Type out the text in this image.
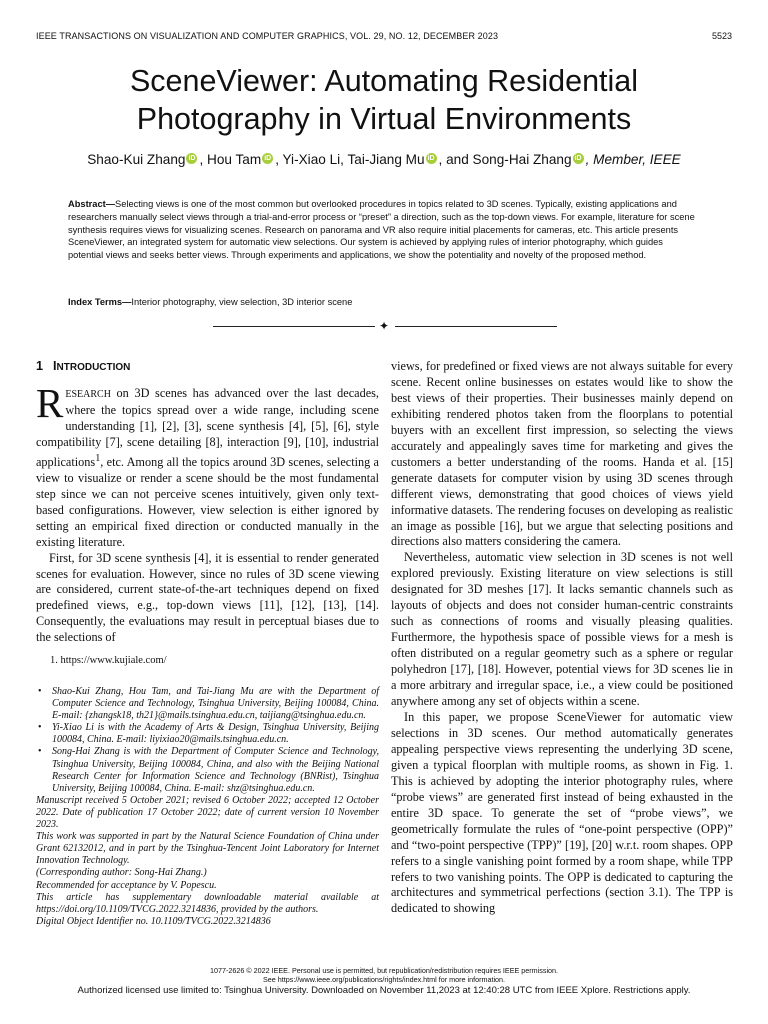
IEEE TRANSACTIONS ON VISUALIZATION AND COMPUTER GRAPHICS, VOL. 29, NO. 12, DECEMBER 2023	5523
SceneViewer: Automating Residential
Photography in Virtual Environments
Shao-Kui Zhang iD , Hou Tam iD , Yi-Xiao Li, Tai-Jiang Mu iD , and Song-Hai Zhang iD , Member, IEEE
Abstract—Selecting views is one of the most common but overlooked procedures in topics related to 3D scenes. Typically, existing applications and researchers manually select views through a trial-and-error process or “preset” a direction, such as the top-down views. For example, literature for scene synthesis requires views for visualizing scenes. Research on panorama and VR also require initial placements for cameras, etc. This article presents SceneViewer, an integrated system for automatic view selections. Our system is achieved by applying rules of interior photography, which guides potential views and seeks better views. Through experiments and applications, we show the potentiality and novelty of the proposed method.
Index Terms—Interior photography, view selection, 3D interior scene
✦
1 INTRODUCTION

RESEARCH on 3D scenes has advanced over the last decades, where the topics spread over a wide range, including scene understanding [1], [2], [3], scene synthesis [4], [5], [6], style compatibility [7], scene detailing [8], interaction [9], [10], industrial applications$^1$, etc. Among all the topics around 3D scenes, selecting a view to visualize or render a scene should be the most fundamental step since we can not perceive scenes intuitively, given only text-based configurations. However, view selection is either ignored by setting an empirical fixed direction or conducted manually in the existing literature.

First, for 3D scene synthesis [4], it is essential to render generated scenes for evaluation. However, since no rules of 3D scene viewing are considered, current state-of-the-art techniques depend on fixed predefined views, e.g., top-down views [11], [12], [13], [14]. Consequently, the evaluations may result in perceptual biases due to the selections of

1. https://www.kujiale.com/
• Shao-Kui Zhang, Hou Tam, and Tai-Jiang Mu are with the Department of Computer Science and Technology, Tsinghua University, Beijing 100084, China. E-mail: {zhangsk18, th21}@mails.tsinghua.edu.cn, taijiang@tsinghua.edu.cn.
• Yi-Xiao Li is with the Academy of Arts & Design, Tsinghua University, Beijing 100084, China. E-mail: liyixiao20@mails.tsinghua.edu.cn.
• Song-Hai Zhang is with the Department of Computer Science and Technology, Tsinghua University, Beijing 100084, China, and also with the Beijing National Research Center for Information Science and Technology (BNRist), Tsinghua University, Beijing 100084, China. E-mail: shz@tsinghua.edu.cn.
Manuscript received 5 October 2021; revised 6 October 2022; accepted 12 October 2022. Date of publication 17 October 2022; date of current version 10 November 2023.
This work was supported in part by the Natural Science Foundation of China under Grant 62132012, and in part by the Tsinghua-Tencent Joint Laboratory for Internet Innovation Technology.
(Corresponding author: Song-Hai Zhang.)
Recommended for acceptance by V. Popescu.
This article has supplementary downloadable material available at https://doi.org/10.1109/TVCG.2022.3214836, provided by the authors.
Digital Object Identifier no. 10.1109/TVCG.2022.3214836

views, for predefined or fixed views are not always suitable for every scene. Recent online businesses on estates would like to show the best views of their properties. Their businesses mainly depend on exhibiting rendered photos taken from the floorplans to potential buyers with an excellent first impression, so selecting the views accurately and appealingly saves time for marketing and gives the customers a better understanding of the rooms. Handa et al. [15] generate datasets for computer vision by using 3D scenes through different views, demonstrating that good choices of views yield informative datasets. The rendering focuses on developing as realistic an image as possible [16], but we argue that selecting positions and directions also matters considering the camera.

Nevertheless, automatic view selection in 3D scenes is not well explored previously. Existing literature on view selections is still designated for 3D meshes [17]. It lacks semantic channels such as layouts of objects and does not consider human-centric constraints such as connections of rooms and visually pleasing qualities. Furthermore, the hypothesis space of possible views for a mesh is often distributed on a regular geometry such as a sphere or regular polyhedron [17], [18]. However, potential views for 3D scenes lie in a more arbitrary and irregular space, i.e., a view could be positioned anywhere among any set of objects within a scene.

In this paper, we propose SceneViewer for automatic view selections in 3D scenes. Our method automatically generates appealing perspective views representing the underlying 3D scene, given a typical floorplan with multiple rooms, as shown in Fig. 1. This is achieved by adopting the interior photography rules, where “probe views” are generated first instead of being exhausted in the entire 3D space. To generate the set of “probe views”, we geometrically formulate the rules of “one-point perspective (OPP)” and “two-point perspective (TPP)” [19], [20] w.r.t. room shapes. OPP refers to a single vanishing point formed by a room shape, while TPP refers to two vanishing points. The OPP is dedicated to capturing the architectures and symmetrical perfections (section 3.1). The TPP is dedicated to showing

1077-2626 © 2022 IEEE. Personal use is permitted, but republication/redistribution requires IEEE permission.
See https://www.ieee.org/publications/rights/index.html for more information.
Authorized licensed use limited to: Tsinghua University. Downloaded on November 11,2023 at 12:40:28 UTC from IEEE Xplore. Restrictions apply.
